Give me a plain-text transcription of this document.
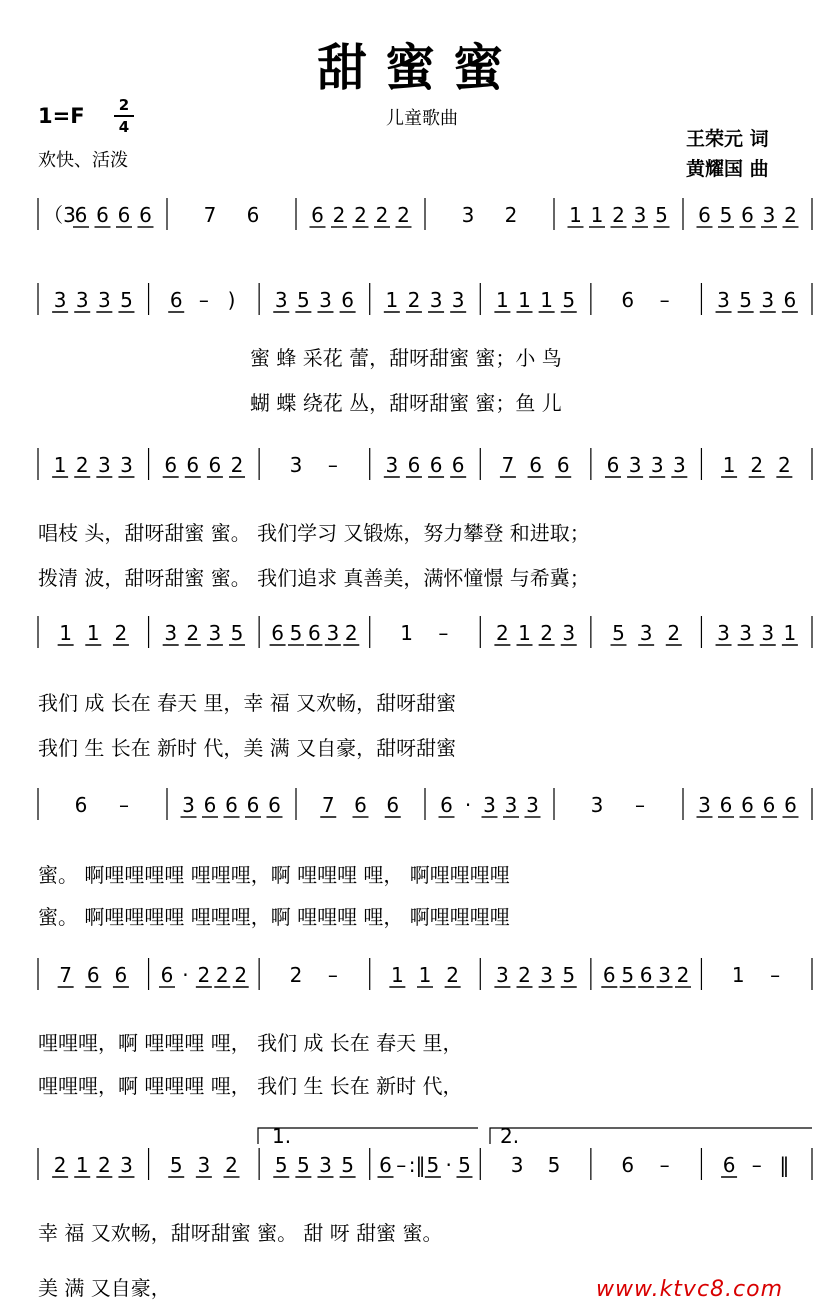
甜蜜蜜
1=F	2
4
欢快、活泼
儿童歌曲
王荣元 词
黄耀国 曲
（3
6 6 6 6	7 6	6 2 2 2 2	3 2	1 1 2 3 5 6 5 6 3 2
3 3 3 5 6 – ) 3 5 3 6 1 2 3 3 1 1 1 5 6 – 3 5 3 6
蜜 蜂 采花 蕾，甜呀甜蜜 蜜；小 鸟
蝴 蝶 绕花 丛，甜呀甜蜜 蜜；鱼 儿
1 2 3 3 6 6 6 2 3 – 3 6 6 6 7 6 6 6 3 3 3 1 2 2
唱枝 头，甜呀甜蜜 蜜。 我们学习 又锻炼，努力攀登 和进取；
拨清 波，甜呀甜蜜 蜜。 我们追求 真善美，满怀憧憬 与希冀；
1 1 2 3 2 3 5 6 5 6 3 2 1 – 2 1 2 3 5 3 2 3 3 3 1
我们 成 长在 春天 里，幸 福 又欢畅，甜呀甜蜜
我们 生 长在 新时 代，美 满 又自豪，甜呀甜蜜
6 –	3 6 6 6 6 7 6 6 6 · 3 3 3	3 –	3 6 6 6 6
蜜。 啊哩哩哩哩 哩哩哩，啊 哩哩哩 哩， 啊哩哩哩哩
蜜。 啊哩哩哩哩 哩哩哩，啊 哩哩哩 哩， 啊哩哩哩哩
7 6 6 6 · 2 2 2 2 –	1 1 2 3 2 3 5 6 5 6 3 2 1 –
哩哩哩，啊 哩哩哩 哩， 我们 成 长在 春天 里，
哩哩哩，啊 哩哩哩 哩， 我们 生 长在 新时 代，
2 1 2 3 5 3 2 5 5 3 5 6 – :‖ 5 · 5 3 5	6 –	6 – ‖
幸 福 又欢畅，甜呀甜蜜 蜜。 甜 呀 甜蜜 蜜。
美 满 又自豪，
1.	2.
www.ktvc8.com
